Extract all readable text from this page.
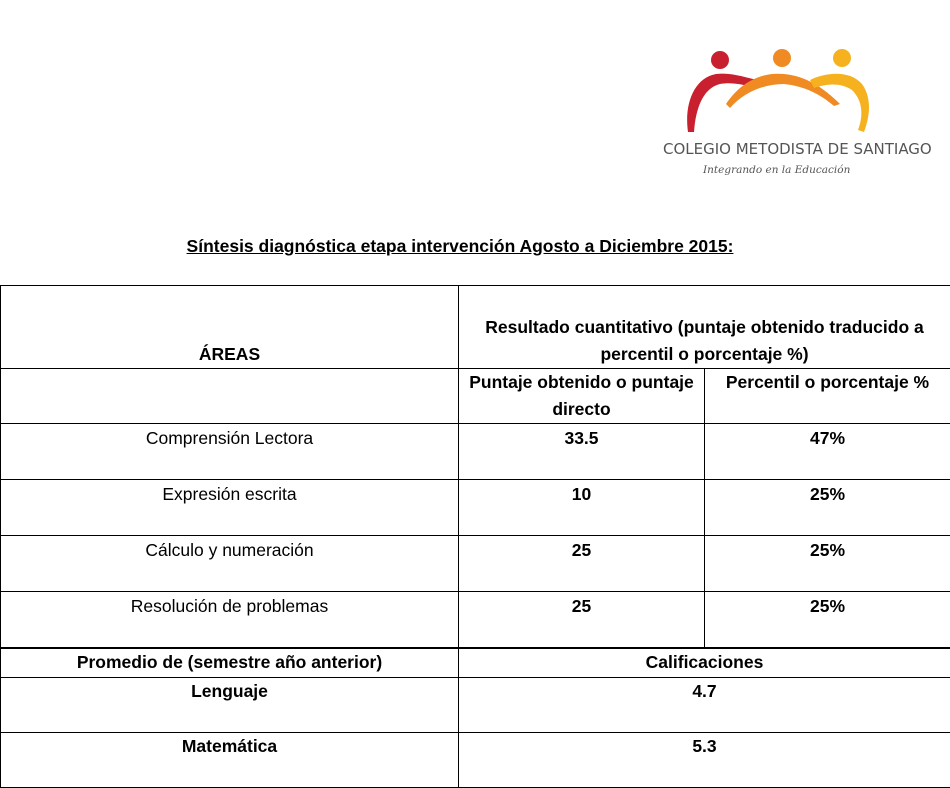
COLEGIO METODISTA DE SANTIAGO
Integrando en la Educación
Síntesis diagnóstica etapa intervención Agosto a Diciembre 2015:
ÁREAS	Resultado cuantitativo (puntaje obtenido traducido a percentil o porcentaje %)	
	Puntaje obtenido o puntaje directo	Percentil o porcentaje %
Comprensión Lectora	33.5	47%
Expresión escrita	10	25%
Cálculo y numeración	25	25%
Resolución de problemas	25	25%
Promedio de (semestre año anterior)	Calificaciones	
Lenguaje	4.7	
Matemática	5.3	
